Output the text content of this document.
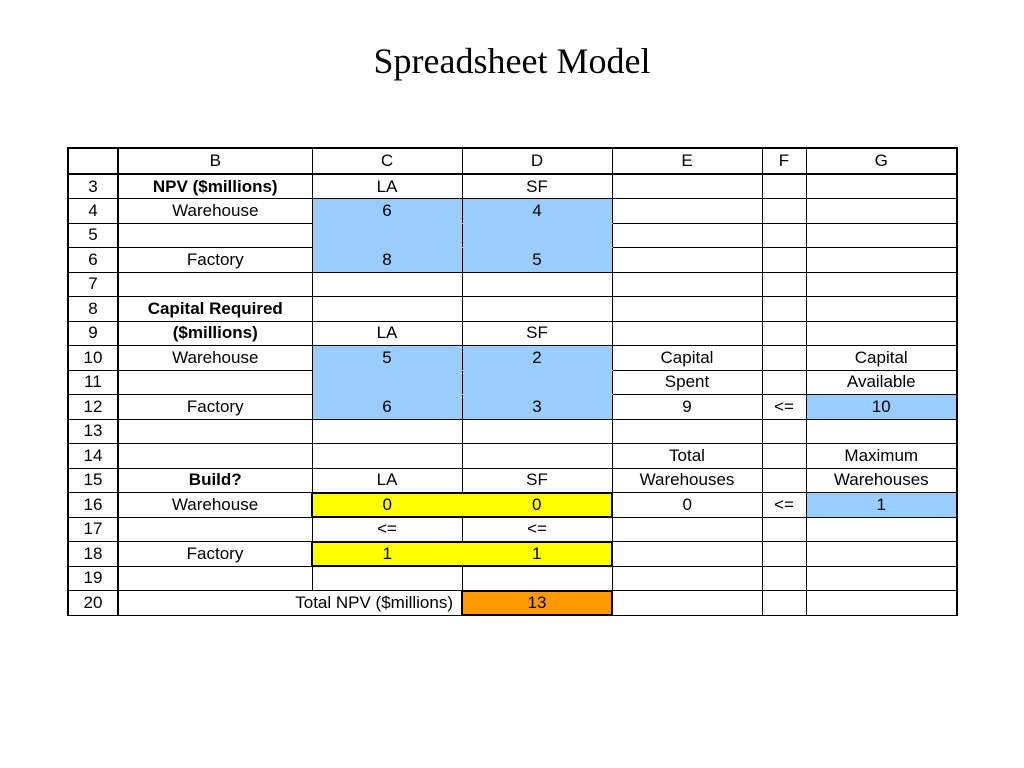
Spreadsheet Model
	B	C	D	E	F	G
3	NPV ($millions)	LA	SF			
4	Warehouse	6	4			
5						
6	Factory	8	5			
7						
8	Capital Required					
9	($millions)	LA	SF			
10	Warehouse	5	2	Capital		Capital
11				Spent		Available
12	Factory	6	3	9	<=	10
13						
14				Total		Maximum
15	Build?	LA	SF	Warehouses		Warehouses
16	Warehouse	0	0	0	<=	1
17		<=	<=			
18	Factory	1	1			
19						
20	Total NPV ($millions)		13			
